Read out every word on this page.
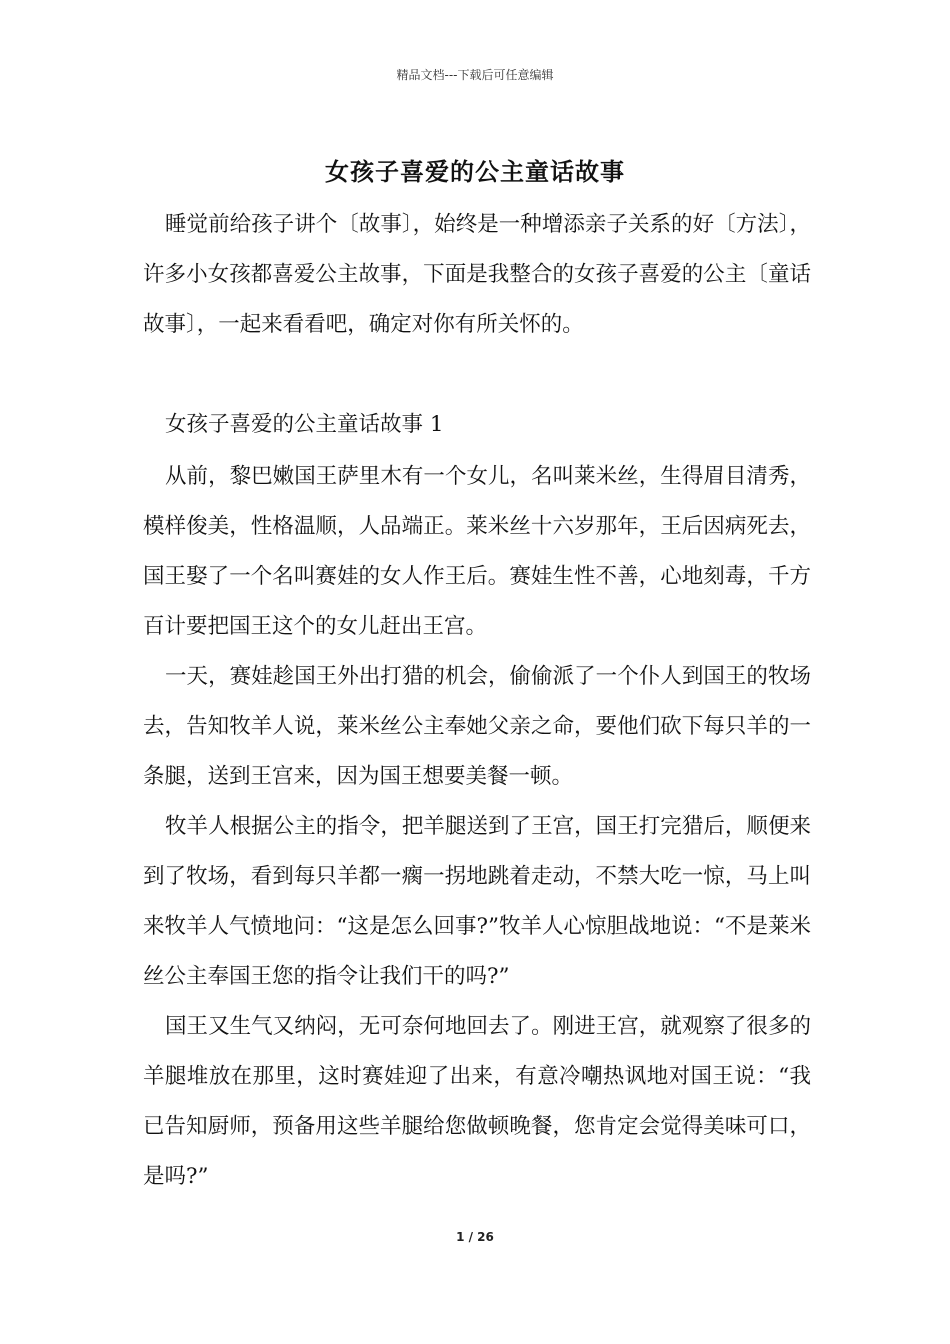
精品文档---下载后可任意编辑
女孩子喜爱的公主童话故事

睡觉前给孩子讲个〔故事〕，始终是一种增添亲子关系的好〔方法〕，许多小女孩都喜爱公主故事，下面是我整合的女孩子喜爱的公主〔童话故事〕，一起来看看吧，确定对你有所关怀的。

女孩子喜爱的公主童话故事 1

从前，黎巴嫩国王萨里木有一个女儿，名叫莱米丝，生得眉目清秀，模样俊美，性格温顺，人品端正。莱米丝十六岁那年，王后因病死去，国王娶了一个名叫赛娃的女人作王后。赛娃生性不善，心地刻毒，千方百计要把国王这个的女儿赶出王宫。

一天，赛娃趁国王外出打猎的机会，偷偷派了一个仆人到国王的牧场去，告知牧羊人说，莱米丝公主奉她父亲之命，要他们砍下每只羊的一条腿，送到王宫来，因为国王想要美餐一顿。

牧羊人根据公主的指令，把羊腿送到了王宫，国王打完猎后，顺便来到了牧场，看到每只羊都一瘸一拐地跳着走动，不禁大吃一惊，马上叫来牧羊人气愤地问：“这是怎么回事?”牧羊人心惊胆战地说：“不是莱米丝公主奉国王您的指令让我们干的吗?”

国王又生气又纳闷，无可奈何地回去了。刚进王宫，就观察了很多的羊腿堆放在那里，这时赛娃迎了出来，有意冷嘲热讽地对国王说：“我已告知厨师，预备用这些羊腿给您做顿晚餐，您肯定会觉得美味可口，是吗?”

1 / 26
